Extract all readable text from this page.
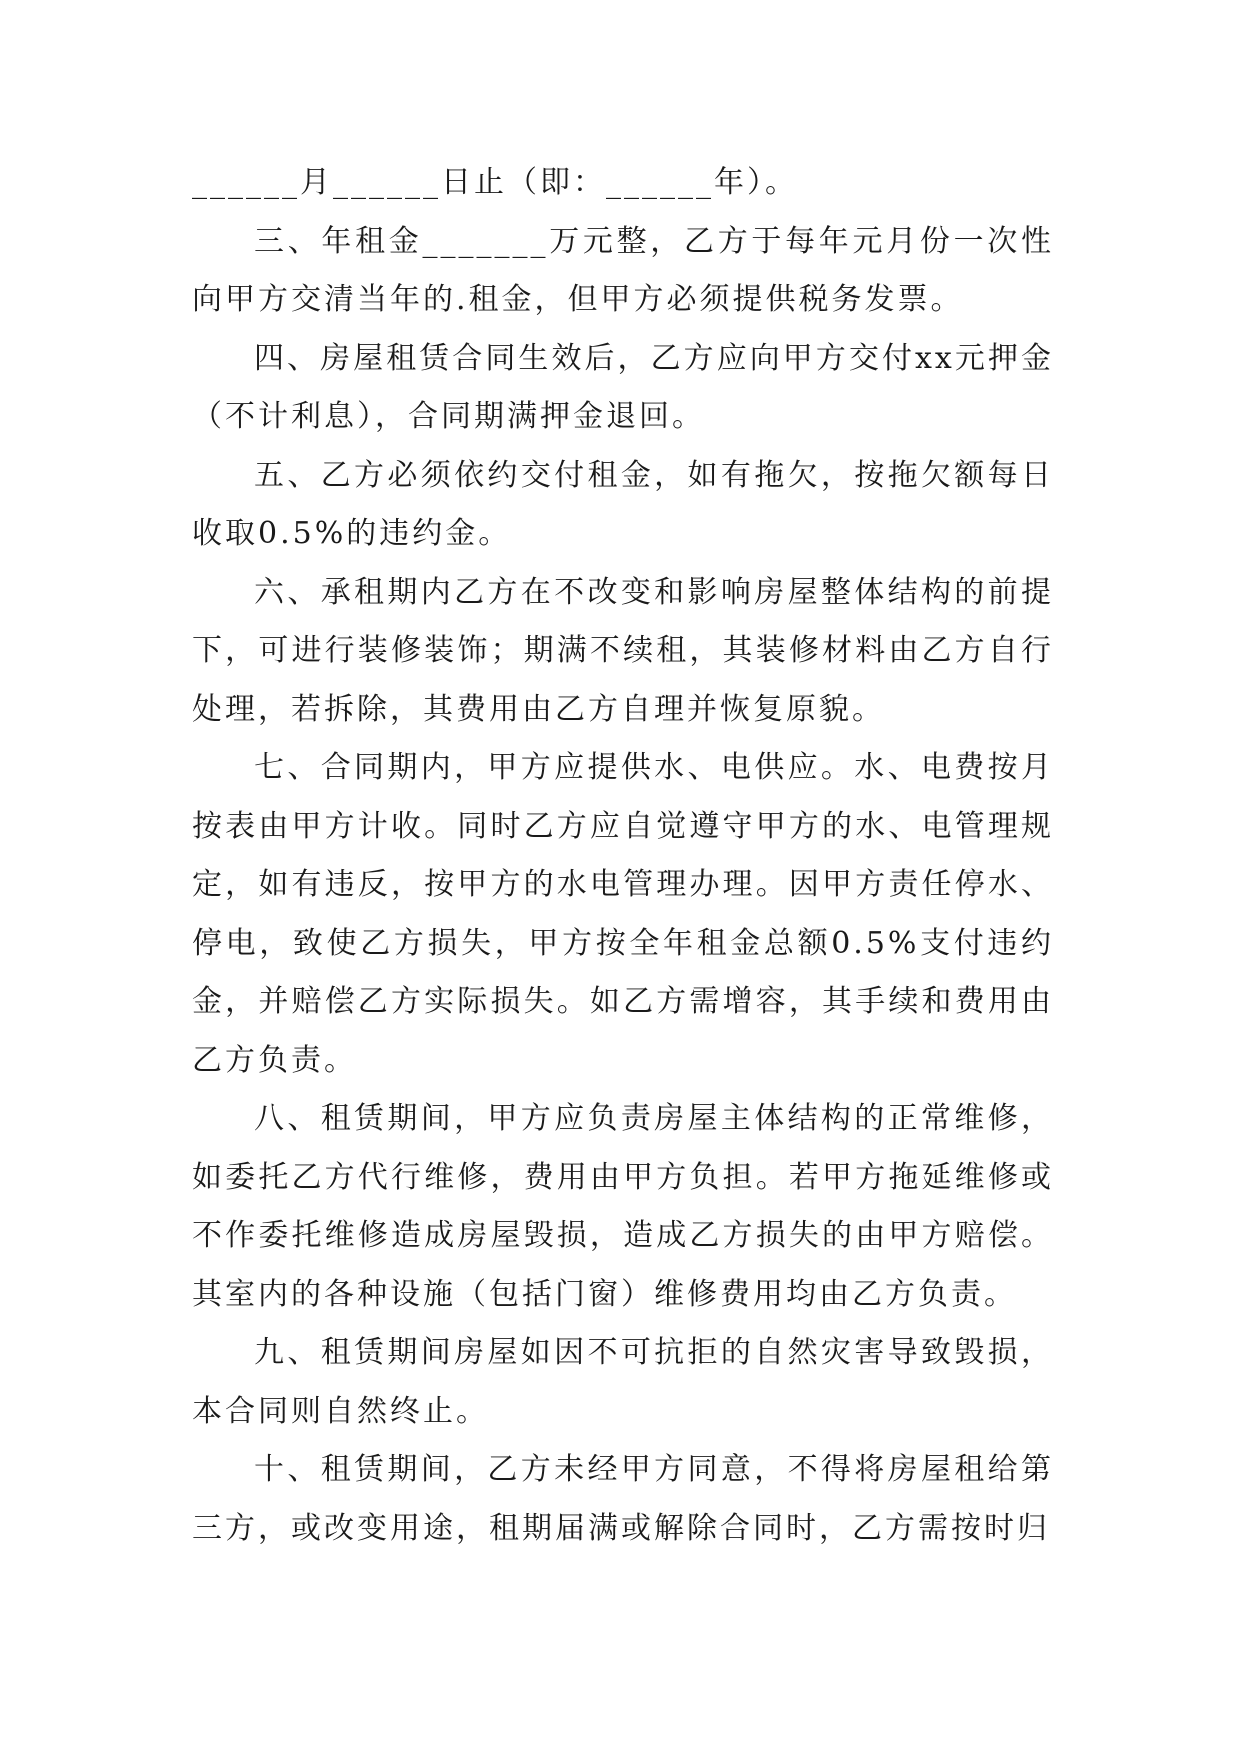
______月______日止（即：______年）。

三、年租金_______万元整，乙方于每年元月份一次性向甲方交清当年的.租金，但甲方必须提供税务发票。

四、房屋租赁合同生效后，乙方应向甲方交付xx元押金（不计利息），合同期满押金退回。

五、乙方必须依约交付租金，如有拖欠，按拖欠额每日收取0.5%的违约金。

六、承租期内乙方在不改变和影响房屋整体结构的前提下，可进行装修装饰；期满不续租，其装修材料由乙方自行处理，若拆除，其费用由乙方自理并恢复原貌。

七、合同期内，甲方应提供水、电供应。水、电费按月按表由甲方计收。同时乙方应自觉遵守甲方的水、电管理规定，如有违反，按甲方的水电管理办理。因甲方责任停水、停电，致使乙方损失，甲方按全年租金总额0.5%支付违约金，并赔偿乙方实际损失。如乙方需增容，其手续和费用由乙方负责。

八、租赁期间，甲方应负责房屋主体结构的正常维修，如委托乙方代行维修，费用由甲方负担。若甲方拖延维修或不作委托维修造成房屋毁损，造成乙方损失的由甲方赔偿。其室内的各种设施（包括门窗）维修费用均由乙方负责。

九、租赁期间房屋如因不可抗拒的自然灾害导致毁损，本合同则自然终止。

十、租赁期间，乙方未经甲方同意，不得将房屋租给第三方，或改变用途，租期届满或解除合同时，乙方需按时归
